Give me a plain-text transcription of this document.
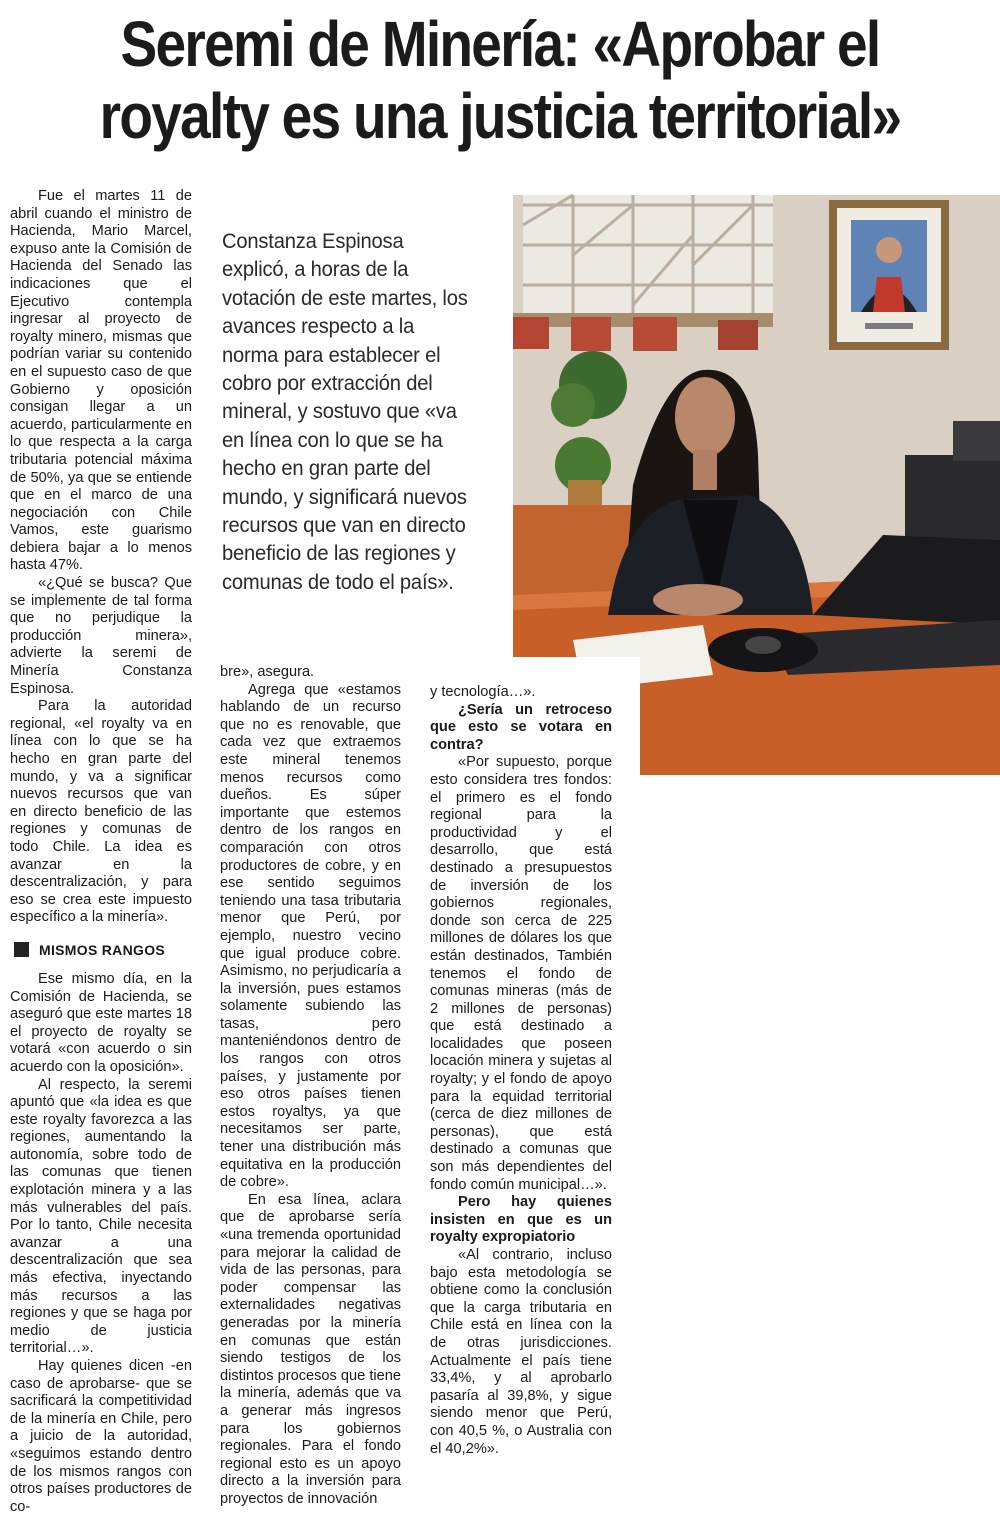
Seremi de Minería: «Aprobar el
royalty es una justicia territorial»

Fue el martes 11 de abril cuando el ministro de Hacienda, Mario Marcel, expuso ante la Comisión de Hacienda del Senado las indicaciones que el Ejecutivo contempla ingresar al proyecto de royalty minero, mismas que podrían variar su contenido en el supuesto caso de que Gobierno y oposición consigan llegar a un acuerdo, particularmente en lo que respecta a la carga tributaria potencial máxima de 50%, ya que se entiende que en el marco de una negociación con Chile Vamos, este guarismo debiera bajar a lo menos hasta 47%.

«¿Qué se busca? Que se implemente de tal forma que no perjudique la producción minera», advierte la seremi de Minería Constanza Espinosa.

Para la autoridad regional, «el royalty va en línea con lo que se ha hecho en gran parte del mundo, y va a significar nuevos recursos que van en directo beneficio de las regiones y comunas de todo Chile. La idea es avanzar en la descentralización, y para eso se crea este impuesto específico a la minería».

MISMOS RANGOS

Ese mismo día, en la Comisión de Hacienda, se aseguró que este martes 18 el proyecto de royalty se votará «con acuerdo o sin acuerdo con la oposición».

Al respecto, la seremi apuntó que «la idea es que este royalty favorezca a las regiones, aumentando la autonomía, sobre todo de las comunas que tienen explotación minera y a las más vulnerables del país. Por lo tanto, Chile necesita avanzar a una descentralización que sea más efectiva, inyectando más recursos a las regiones y que se haga por medio de justicia territorial…».

Hay quienes dicen -en caso de aprobarse- que se sacrificará la competitividad de la minería en Chile, pero a juicio de la autoridad, «seguimos estando dentro de los mismos rangos con otros países productores de co-

Constanza Espinosa explicó, a horas de la votación de este martes, los avances respecto a la norma para establecer el cobro por extracción del mineral, y sostuvo que «va en línea con lo que se ha hecho en gran parte del mundo, y significará nuevos recursos que van en directo beneficio de las regiones y comunas de todo el país».

bre», asegura.

Agrega que «estamos hablando de un recurso que no es renovable, que cada vez que extraemos este mineral tenemos menos recursos como dueños. Es súper importante que estemos dentro de los rangos en comparación con otros productores de cobre, y en ese sentido seguimos teniendo una tasa tributaria menor que Perú, por ejemplo, nuestro vecino que igual produce cobre. Asimismo, no perjudicaría a la inversión, pues estamos solamente subiendo las tasas, pero manteniéndonos dentro de los rangos con otros países, y justamente por eso otros países tienen estos royaltys, ya que necesitamos ser parte, tener una distribución más equitativa en la producción de cobre».

En esa línea, aclara que de aprobarse sería «una tremenda oportunidad para mejorar la calidad de vida de las personas, para poder compensar las externalidades negativas generadas por la minería en comunas que están siendo testigos de los distintos procesos que tiene la minería, además que va a generar más ingresos para los gobiernos regionales. Para el fondo regional esto es un apoyo directo a la inversión para proyectos de innovación

y tecnología…».

¿Sería un retroceso que esto se votara en contra?

«Por supuesto, porque esto considera tres fondos: el primero es el fondo regional para la productividad y el desarrollo, que está destinado a presupuestos de inversión de los gobiernos regionales, donde son cerca de 225 millones de dólares los que están destinados, También tenemos el fondo de comunas mineras (más de 2 millones de personas) que está destinado a localidades que poseen locación minera y sujetas al royalty; y el fondo de apoyo para la equidad territorial (cerca de diez millones de personas), que está destinado a comunas que son más dependientes del fondo común municipal…».

Pero hay quienes insisten en que es un royalty expropiatorio

«Al contrario, incluso bajo esta metodología se obtiene como la conclusión que la carga tributaria en Chile está en línea con la de otras jurisdicciones. Actualmente el país tiene 33,4%, y al aprobarlo pasaría al 39,8%, y sigue siendo menor que Perú, con 40,5 %, o Australia con el 40,2%».
